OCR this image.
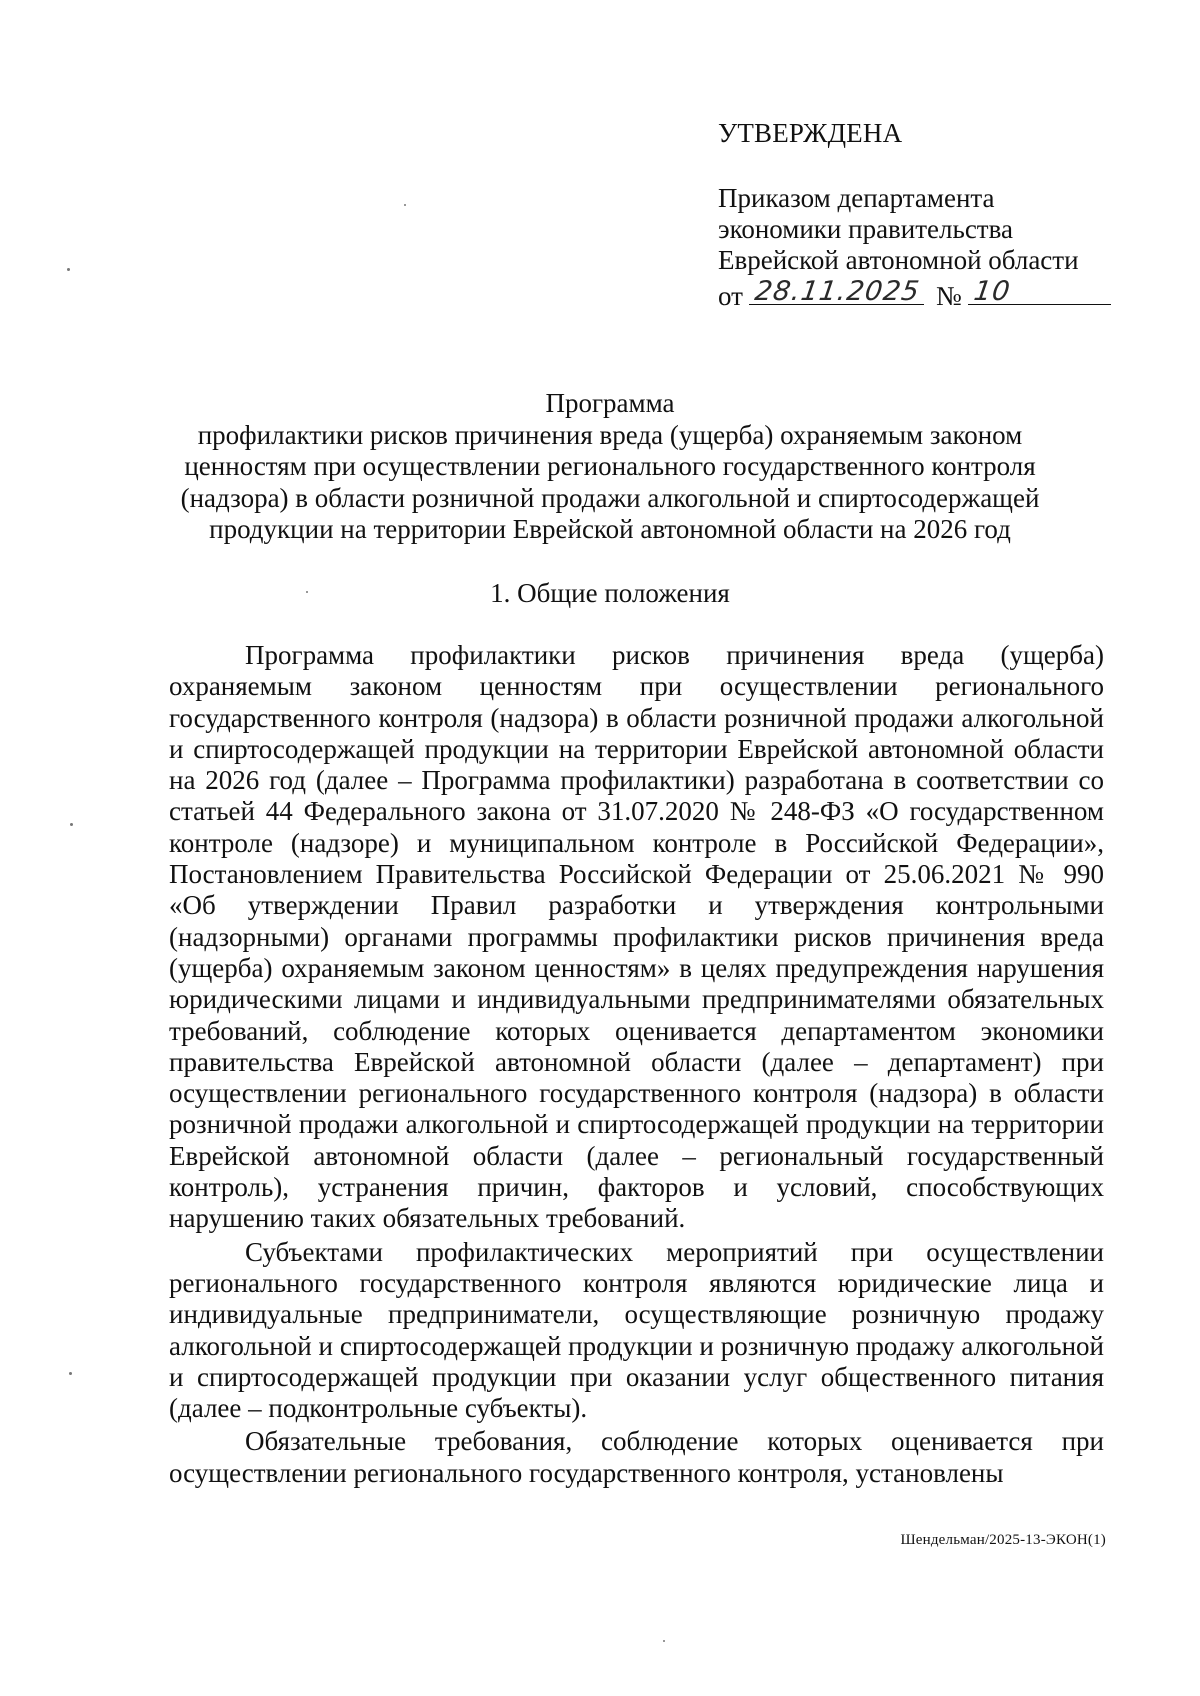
УТВЕРЖДЕНА
Приказом департамента
экономики правительства
Еврейской автономной области
от 28.11.2025 № 10

Программа

профилактики рисков причинения вреда (ущерба) охраняемым законом

ценностям при осуществлении регионального государственного контроля

(надзора) в области розничной продажи алкогольной и спиртосодержащей

продукции на территории Еврейской автономной области на 2026 год

1. Общие положения

Программа профилактики рисков причинения вреда (ущерба) охраняемым законом ценностям при осуществлении регионального государственного контроля (надзора) в области розничной продажи алкогольной и спиртосодержащей продукции на территории Еврейской автономной области на 2026 год (далее – Программа профилактики) разработана в соответствии со статьей 44 Федерального закона от 31.07.2020 № 248-ФЗ «О государственном контроле (надзоре) и муниципальном контроле в Российской Федерации», Постановлением Правительства Российской Федерации от 25.06.2021 № 990 «Об утверждении Правил разработки и утверждения контрольными (надзорными) органами программы профилактики рисков причинения вреда (ущерба) охраняемым законом ценностям» в целях предупреждения нарушения юридическими лицами и индивидуальными предпринимателями обязательных требований, соблюдение которых оценивается департаментом экономики правительства Еврейской автономной области (далее – департамент) при осуществлении регионального государственного контроля (надзора) в области розничной продажи алкогольной и спиртосодержащей продукции на территории Еврейской автономной области (далее – региональный государственный контроль), устранения причин, факторов и условий, способствующих нарушению таких обязательных требований.

Субъектами профилактических мероприятий при осуществлении регионального государственного контроля являются юридические лица и индивидуальные предприниматели, осуществляющие розничную продажу алкогольной и спиртосодержащей продукции и розничную продажу алкогольной и спиртосодержащей продукции при оказании услуг общественного питания (далее – подконтрольные субъекты).

Обязательные требования, соблюдение которых оценивается при осуществлении регионального государственного контроля, установлены

Шендельман/2025-13-ЭКОН(1)
